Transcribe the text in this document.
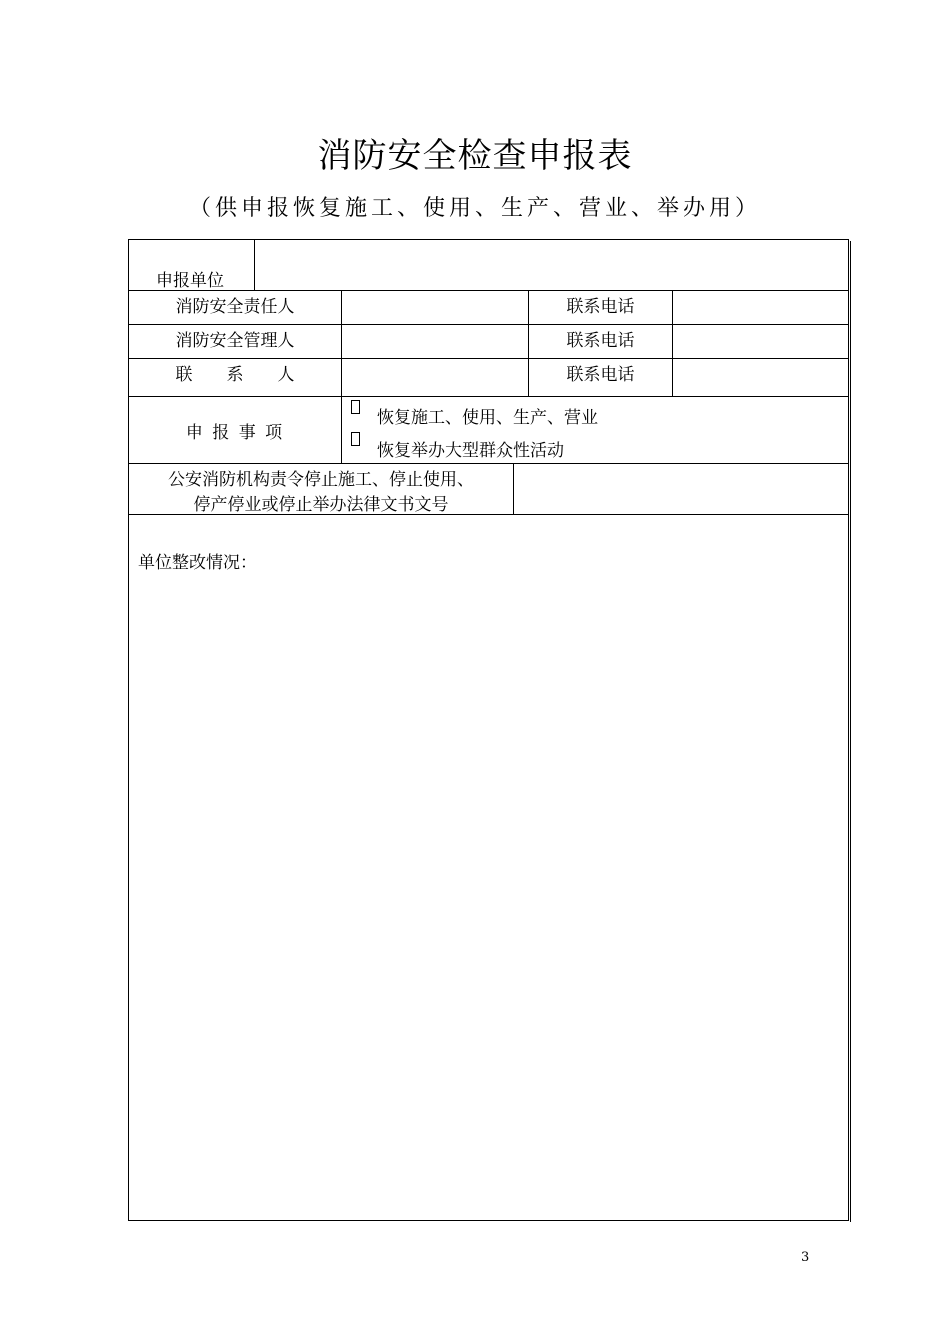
消防安全检查申报表
（供申报恢复施工、使用、生产、营业、举办用）
申报单位
消防安全责任人	联系电话
消防安全管理人	联系电话
联　　系　　人	联系电话
申 报 事 项
恢复施工、使用、生产、营业
恢复举办大型群众性活动
公安消防机构责令停止施工、停止使用、
停产停业或停止举办法律文书文号
单位整改情况：
3
